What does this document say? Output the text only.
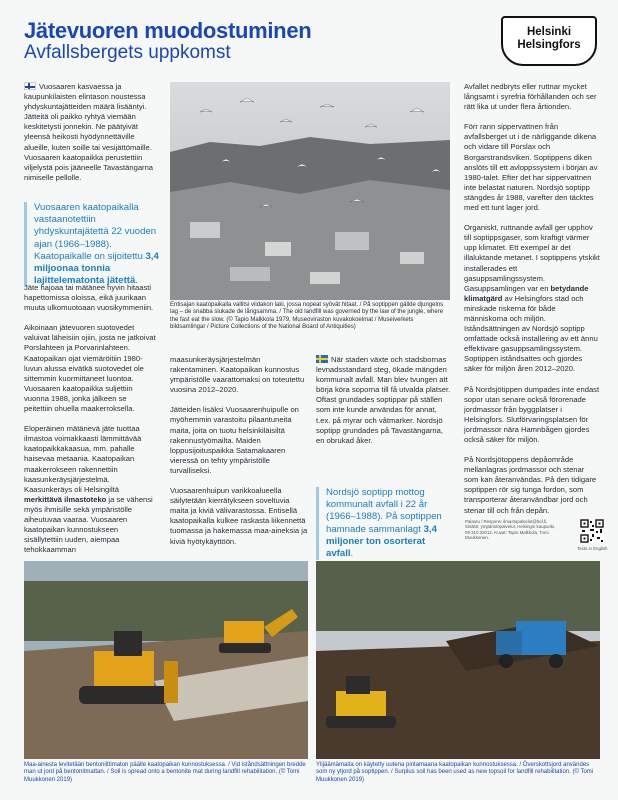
Jätevuoren muodostuminen
Avfallsbergets uppkomst
Helsinki
Helsingfors

Vuosaaren kasvaessa ja kaupunkilaisten elintason noustessa yhdyskuntajätteiden määrä lisääntyi. Jätteitä oli paikko ryhtyä viemään keskitetysti jonnekin. Ne päätyivät yleensä heikosti hyödynnettäville alueille, kuten soille tai vesijättömaille. Vuosaaren kaatopaikka perustettiin viljelystä pois jääneelle Tavastängarna nimiselle pellolle.

Vuosaaren kaatopaikalla vastaanotettiin yhdyskuntajätettä 22 vuoden ajan (1966–1988). Kaatopaikalle on sijoitettu 3,4 miljoonaa tonnia lajittelematonta jätettä.

Jäte hajoaa tai mätänee hyvin hitaasti hapettomissa oloissa, eikä juurikaan muuta ulkomuotoaan vuosikymmeniin.

Aikoinaan jätevuoren suotovedet valuivat läheisiin ojiin, josta ne jatkoivat Porslahteen ja Porvarinlahteen. Kaatopaikan ojat viemäröitiin 1980-luvun alussa eivätkä suotovedet ole sittemmin kuormittaneet luontoa. Vuosaaren kaatopaikka suljettiin vuonna 1988, jonka jälkeen se peitettiin ohuella maakerroksella.

Eloperäinen mätänevä jäte tuottaa ilmastoa voimakkaasti lämmittävää kaatopaikkakaasua, mm. pahalle haisevaa metaania. Kaatopaikan maakerrokseen rakennettiin kaasunkeräysjärjestelmä. Kaasunkeräys oli Helsingiltä merkittävä ilmastoteko ja se vähensi myös ihmisille sekä ympäristölle aiheutuvaa vaaraa. Vuosaaren kaatopaikan kunnostukseen sisällytettiin uuden, aiempaa tehokkaamman

Entisajan kaatopaikalla vallitsi viidakon laki, jossa nopeat syövät hitaat. / På soptippen gällde djungelns lag – de snabba slukade de långsamma. / The old landfill was governed by the law of the jungle, where the fast eat the slow. (© Tapio Malkkola 1979, Museoviraston kuvakokoelmat / Museiverkets bildsamlingar / Picture Collections of the National Board of Antiquities)

maasunkeräysjärjestelmän rakentaminen. Kaatopaikan kunnostus ympäristölle vaarattomaksi on toteutettu vuosina 2012–2020.

Jätteiden lisäksi Vuosaarenhuipulle on myöhemmin varastoitu pilaantuneita maita, joita on tuotu helsinkiläisiltä rakennustyömailta. Maiden loppusijoituspaikka Satamakaaren vieressä on tehty ympäristölle turvalliseksi.

Vuosaarenhuipun varikkoalueella säilytetään kierrätykseen soveltuvia maita ja kiviä välivarastossa. Entisellä kaatopaikalla kulkee raskasta liikennettä tuomassa ja hakemassa maa-aineksia ja kiviä hyötykäyttöön.

När staden växte och stadsbornas levnadsstandard steg, ökade mängden kommunalt avfall. Man blev tvungen att börja köra soporna till få utvalda platser. Oftast grundades soptippar på ställen som inte kunde användas för annat, t.ex. på myrar och våtmarker. Nordsjö soptipp grundades på Tavastängarna, en obrukad åker.

Nordsjö soptipp mottog kommunalt avfall i 22 år (1966–1988). På soptippen hamnade sammanlagt 3,4 miljoner ton osorterat avfall.

Avfallet nedbryts eller ruttnar mycket långsamt i syrefria förhållanden och ser rätt lika ut under flera årtionden.

Förr rann sippervattnen från avfallsberget ut i de närliggande dikena och vidare till Porslax och Borgarstrandsviken. Soptippens diken anslöts till ett avloppssystem i början av 1980-talet. Efter det har sippervattnen inte belastat naturen. Nordsjö soptipp stängdes år 1988, varefter den täcktes med ett tunt lager jord.

Organiskt, ruttnande avfall ger upphov till soptippsgaser, som kraftigt värmer upp klimatet. Ett exempel är det illaluktande metanet. I soptippens ytskikt installerades ett gasuppsamlingssystem. Gasuppsamlingen var en betydande klimatgärd av Helsingfors stad och minskade riskerna för både människorna och miljön. Iståndsättningen av Nordsjö soptipp omfattade också installering av ett ännu effektivare gasuppsamlingssystem. Soptippen iståndsattes och gjordes säker för miljön åren 2012–2020.

På Nordsjötippen dumpades inte endast sopor utan senare också förorenade jordmassor från byggplatser i Helsingfors. Slutförvaringsplatsen för jordmassor nära Hamnbågen gjordes också säker för miljön.

På Nordsjötoppens depåområde mellanlagras jordmassor och stenar som kan återanvändas. På den tidigare soptippen rör sig tunga fordon, som transporterar återanvändbar jord och stenar till och från depån.

Palautu / Respons: ilmastopalvelut@hel.fi, Sisältö: ympäristöpalvelut, Helsingin kaupunki, 09 310 32012. Kuvat: Tapio Malkkola, Tomi Muukkonen.
Texts in English
Maa-ainesta levitetään bentoniittimaton päälle kaatopaikan kunnostuksessa. / Vid iståndsättningen bredde man ut jord på bentonitmattan. / Soil is spread onto a bentonite mat during landfill rehabilitation. (© Tomi Muukkonen 2019)
Ylijäämämaita on käytetty uutena pintamaana kaatopaikan kunnostuksessa. / Överskottsjord användes som ny ytjord på soptippen. / Surplus soil has been used as new topsoil for landfill rehabilitation. (© Tomi Muukkonen 2019)
